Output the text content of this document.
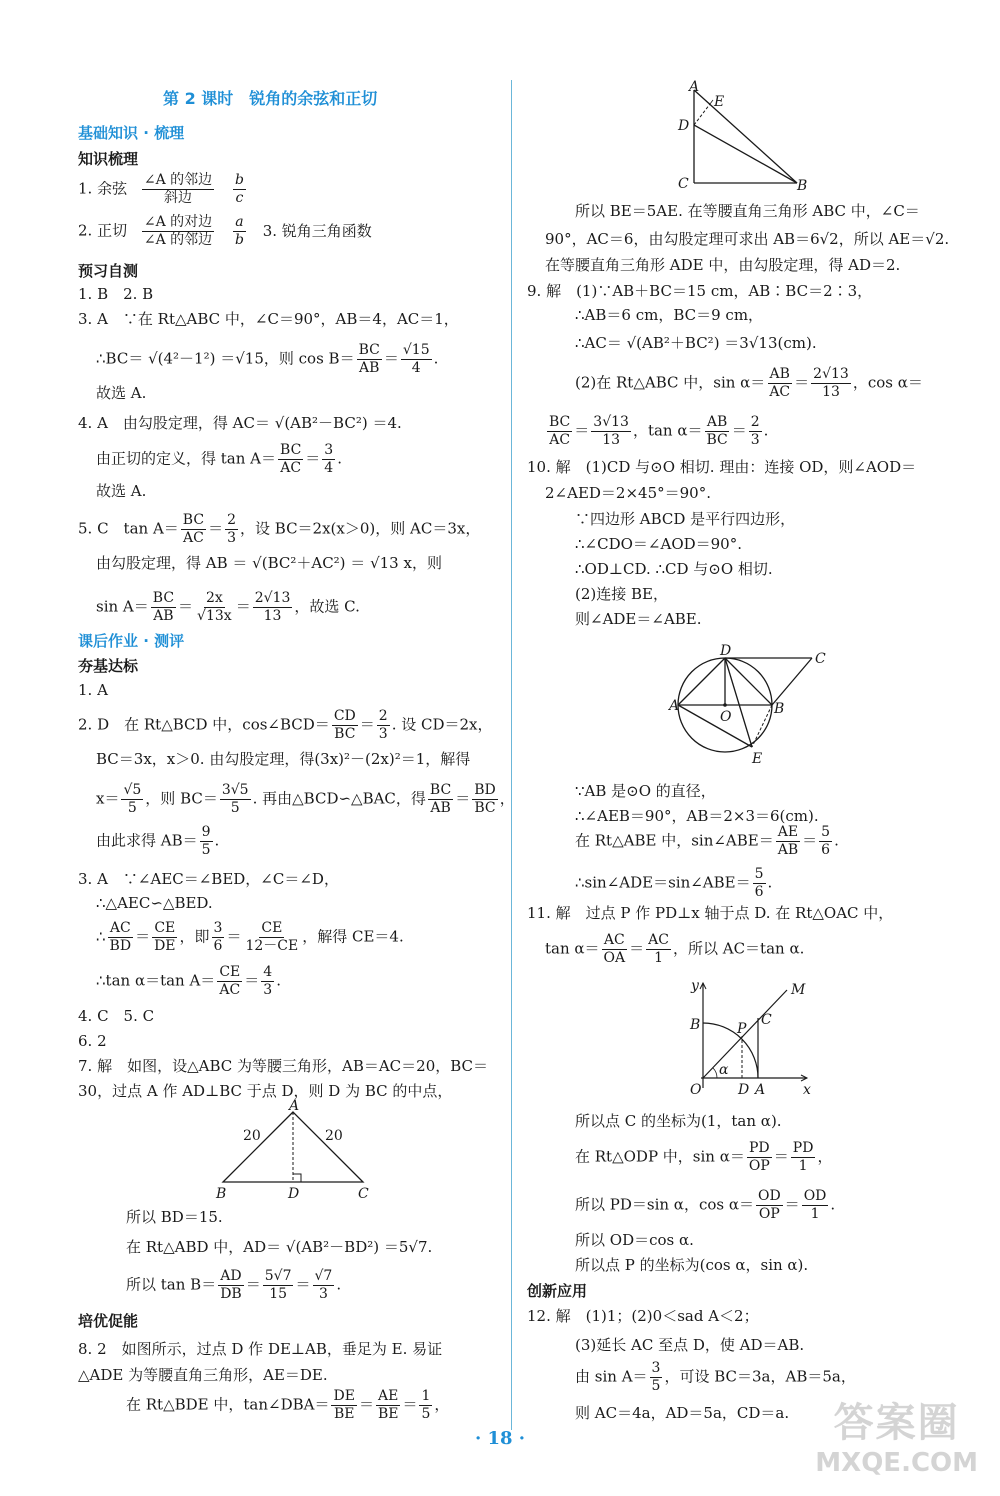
第 2 课时　锐角的余弦和正切
基础知识 · 梳理
知识梳理
1. 余弦 $\frac{\text{∠A 的邻边}}{\text{斜边}}$
$\frac{b}{c}$
2. 正切 $\frac{\text{∠A 的对边}}{\text{∠A 的邻边}}$
$\frac{a}{b} 3$. 锐角三角函数
预习自测
1. B　2. B
3. A　∵在 Rt△ABC 中，∠C＝90°，AB＝4，AC＝1，
∴BC＝ √(4²－1²) ＝√15，则 $\cos B= \frac{BC}{AB} = \frac{√15}{4}$ .
故选 A.
4. A　由勾股定理，得 AC＝ √(AB²－BC²) ＝4.
由正切的定义，得 $\tan A= \frac{BC}{AC} = \frac{3}{4}$ .
故选 A.
5. C　$\tan A= \frac{BC}{AC} = \frac{2}{3}$ ，设 BC＝2x(x＞0)，则 AC＝3x，
由勾股定理，得 AB ＝ √(BC²＋AC²) ＝ √13 x，则
$\sin A= \frac{BC}{AB} = \frac{2x}{√13x} = \frac{2√13}{13}$ ，故选 C.
课后作业 · 测评
夯基达标
1. A
2. D　在 Rt△BCD 中，cos∠BCD＝ $\frac{CD}{BC} = \frac{2}{3}$ . 设 CD＝2x，
BC＝3x，x＞0. 由勾股定理，得(3x)²－(2x)²＝1，解得
$x= \frac{√5}{5}$ ，则 $BC= \frac{3√5}{5}$ . 再由△BCD∽△BAC，得 $\frac{BC}{AB} = \frac{BD}{BC}$ ，
由此求得 $AB= \frac{9}{5}$ .
3. A　∵∠AEC＝∠BED，∠C＝∠D，
∴△AEC∽△BED.
∴ $\frac{AC}{BD} = \frac{CE}{DE}$ ，即 $\frac{3}{6} = \frac{CE}{12-CE}$ ，解得 CE＝4.
∴tan α＝tan $A= \frac{CE}{AC} = \frac{4}{3}$ .
4. C　5. C
6. 2
7. 解　如图，设△ABC 为等腰三角形，AB＝AC＝20，BC＝
30，过点 A 作 AD⊥BC 于点 D，则 D 为 BC 的中点，
A
B	C
D
20	20
所以 BD＝15.
在 Rt△ABD 中，AD＝ √(AB²－BD²) ＝5√7.
所以 $\tan B= \frac{AD}{DB} = \frac{5√7}{15} = \frac{√7}{3}$ .
培优促能
8. 2　如图所示，过点 D 作 DE⊥AB，垂足为 E. 易证
△ADE 为等腰直角三角形，AE＝DE.
在 Rt△BDE 中，tan∠DBA＝ $\frac{DE}{BE} = \frac{AE}{BE} = \frac{1}{5}$ ，
A
E
D
C	B
所以 BE＝5AE. 在等腰直角三角形 ABC 中，∠C＝
90°，AC＝6，由勾股定理可求出 AB＝6√2，所以 AE＝√2.
在等腰直角三角形 ADE 中，由勾股定理，得 AD＝2.
9. 解　(1)∵AB＋BC＝15 cm，AB∶BC＝2∶3，
∴AB＝6 cm，BC＝9 cm，
∴AC＝ √(AB²＋BC²) ＝3√13(cm).
(2)在 Rt△ABC 中，$\sin \alpha= \frac{AB}{AC} = \frac{2√13}{13}$ ，cos α＝
$\frac{BC}{AC} = \frac{3√13}{13}$ ，$\tan \alpha= \frac{AB}{BC} = \frac{2}{3}$ .
10. 解　(1)CD 与⊙O 相切. 理由：连接 OD，则∠AOD＝
2∠AED＝2×45°＝90°.
∵四边形 ABCD 是平行四边形，
∴∠CDO＝∠AOD＝90°.
∴OD⊥CD. ∴CD 与⊙O 相切.
(2)连接 BE，
则∠ADE＝∠ABE.
D	C
A
O	B
E
∵AB 是⊙O 的直径，
∴∠AEB＝90°，AB＝2×3＝6(cm).
在 Rt△ABE 中，sin∠ABE＝ $\frac{AE}{AB} = \frac{5}{6}$ .
∴sin∠ADE＝sin∠ABE＝ $\frac{5}{6}$ .
11. 解　过点 P 作 PD⊥x 轴于点 D. 在 Rt△OAC 中，
$\tan \alpha= \frac{AC}{OA} = \frac{AC}{1}$ ，所以 AC＝tan α.
y	M
B	P
C
α
O	D A	x
所以点 C 的坐标为(1，tan α).
在 Rt△ODP 中，$\sin \alpha= \frac{PD}{OP} = \frac{PD}{1}$ ，
所以 PD＝sin α，$\cos \alpha= \frac{OD}{OP} = \frac{OD}{1}$ .
所以 OD＝cos α.
所以点 P 的坐标为(cos α，sin α).
创新应用
12. 解　(1)1；(2)0＜sad A＜2；
(3)延长 AC 至点 D，使 AD＝AB.
由 $\sin A= \frac{3}{5}$ ，可设 BC＝3a，AB＝5a，
则 AC＝4a，AD＝5a，CD＝a.
· 18 ·	答案圈
MXQE.COM
